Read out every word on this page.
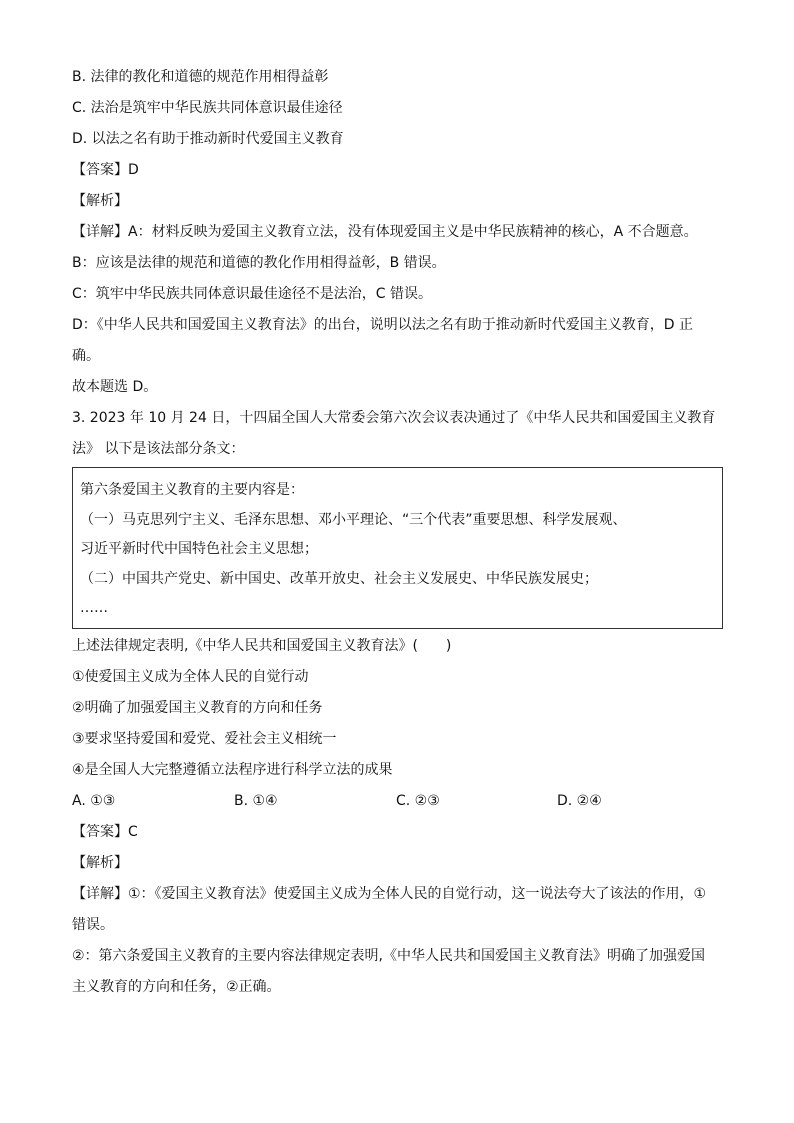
B. 法律的教化和道德的规范作用相得益彰
C. 法治是筑牢中华民族共同体意识最佳途径
D. 以法之名有助于推动新时代爱国主义教育
【答案】D
【解析】
【详解】A：材料反映为爱国主义教育立法，没有体现爱国主义是中华民族精神的核心，A 不合题意。
B：应该是法律的规范和道德的教化作用相得益彰，B 错误。
C：筑牢中华民族共同体意识最佳途径不是法治，C 错误。
D：《中华人民共和国爱国主义教育法》的出台，说明以法之名有助于推动新时代爱国主义教育，D 正
确。
故本题选 D。
3. 2023 年 10 月 24 日，十四届全国人大常委会第六次会议表决通过了《中华人民共和国爱国主义教育
法》 以下是该法部分条文：
第六条爱国主义教育的主要内容是：
（一）马克思列宁主义、毛泽东思想、邓小平理论、“三个代表”重要思想、科学发展观、
习近平新时代中国特色社会主义思想；
（二）中国共产党史、新中国史、改革开放史、社会主义发展史、中华民族发展史；
……
上述法律规定表明,《中华人民共和国爱国主义教育法》(　　)
①使爱国主义成为全体人民的自觉行动
②明确了加强爱国主义教育的方向和任务
③要求坚持爱国和爱党、爱社会主义相统一
④是全国人大完整遵循立法程序进行科学立法的成果
A. ①③	B. ①④	C. ②③	D. ②④
【答案】C
【解析】
【详解】①：《爱国主义教育法》使爱国主义成为全体人民的自觉行动，这一说法夸大了该法的作用，①
错误。
②：第六条爱国主义教育的主要内容法律规定表明,《中华人民共和国爱国主义教育法》明确了加强爱国
主义教育的方向和任务，②正确。
